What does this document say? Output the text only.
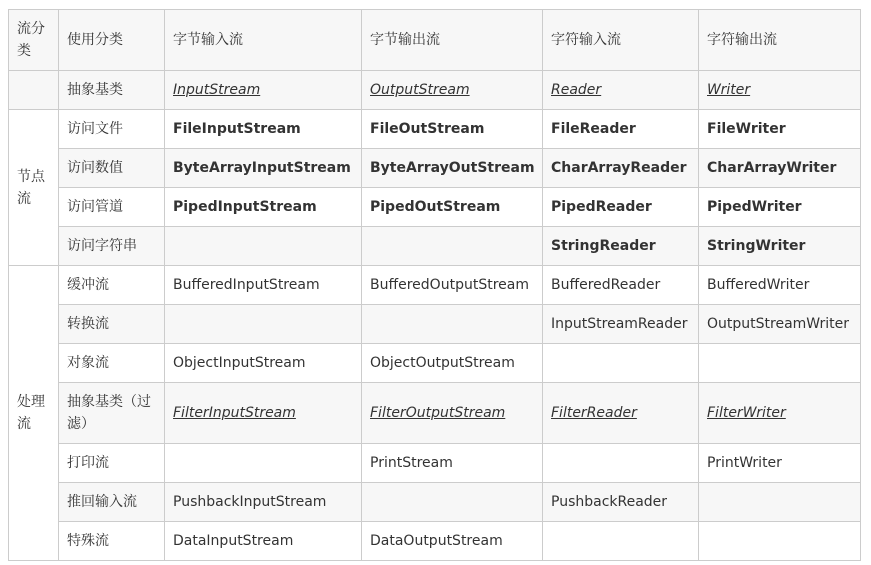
流分类	使用分类	字节输入流	字节输出流	字符输入流	字符输出流
	抽象基类	InputStream	OutputStream	Reader	Writer
节点流	访问文件	FileInputStream	FileOutStream	FileReader	FileWriter
	访问数值	ByteArrayInputStream	ByteArrayOutStream	CharArrayReader	CharArrayWriter
	访问管道	PipedInputStream	PipedOutStream	PipedReader	PipedWriter
	访问字符串			StringReader	StringWriter
处理流	缓冲流	BufferedInputStream	BufferedOutputStream	BufferedReader	BufferedWriter
	转换流			InputStreamReader	OutputStreamWriter
	对象流	ObjectInputStream	ObjectOutputStream		
	抽象基类（过滤）	FilterInputStream	FilterOutputStream	FilterReader	FilterWriter
	打印流		PrintStream		PrintWriter
	推回输入流	PushbackInputStream		PushbackReader	
	特殊流	DataInputStream	DataOutputStream		
